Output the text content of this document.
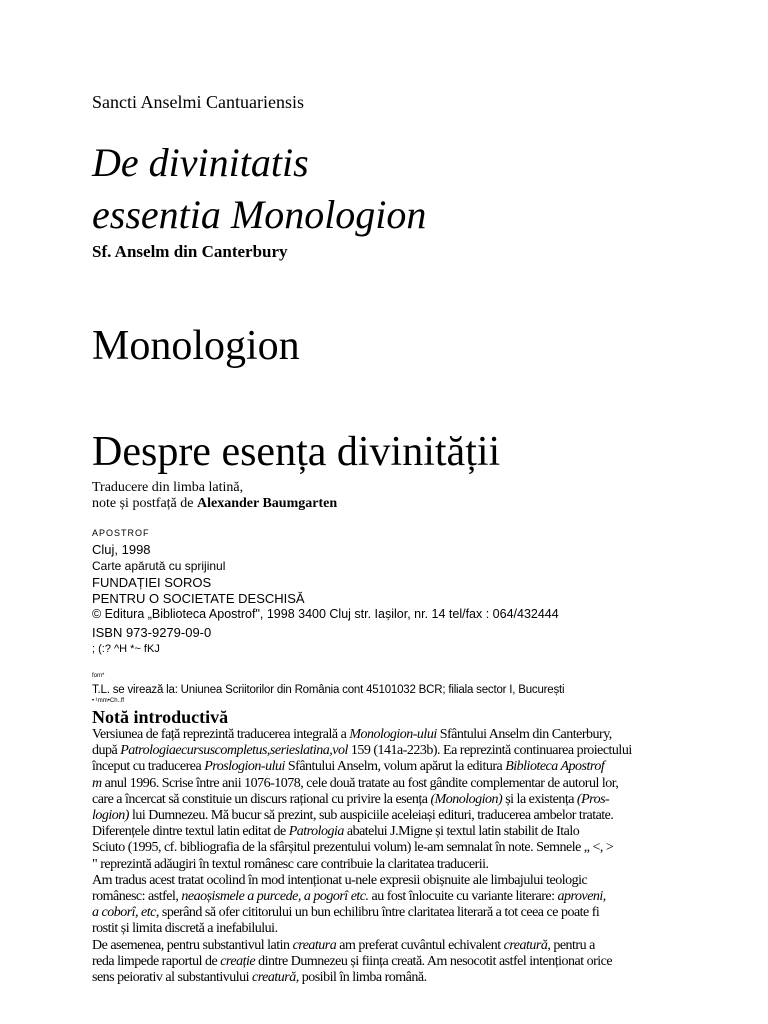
Sancti Anselmi Cantuariensis
De divinitatis
essentia Monologion
Sf. Anselm din Canterbury
Monologion
Despre esența divinității
Traducere din limba latină,
note și postfață de Alexander Baumgarten
APOSTROF
Cluj, 1998
Carte apărută cu sprijinul
FUNDAȚIEI SOROS
PENTRU O SOCIETATE DESCHISĂ
© Editura „Biblioteca Apostrof", 1998 3400 Cluj str. Iașilor, nr. 14 tel/fax : 064/432444
ISBN 973-9279-09-0
; (:? ^H *~ fKJ
fom*
T.L. se virează la: Uniunea Scriitorilor din România cont 45101032 BCR; filiala sector I, București
• ¹mm•Ch..ff
Notă introductivă

Versiunea de față reprezintă traducerea integrală a Monologion-ului Sfântului Anselm din Canterbury,
după Patrologiaecursuscompletus,serieslatina,vol 159 (141a-223b). Ea reprezintă continuarea proiectului
început cu traducerea Proslogion-ului Sfântului Anselm, volum apărut la editura Biblioteca Apostrof
m anul 1996. Scrise între anii 1076-1078, cele două tratate au fost gândite complementar de autorul lor,
care a încercat să constituie un discurs rațional cu privire la esența (Monologion) și la existența (Pros-
logion) lui Dumnezeu. Mă bucur să prezint, sub auspiciile aceleiași edituri, traducerea ambelor tratate.
Diferențele dintre textul latin editat de Patrologia abatelui J.Migne și textul latin stabilit de Italo
Sciuto (1995, cf. bibliografia de la sfârșitul prezentului volum) le-am semnalat în note. Semnele „ <, >
" reprezintă adăugiri în textul românesc care contribuie la claritatea traducerii.
Am tradus acest tratat ocolind în mod intenționat u-nele expresii obișnuite ale limbajului teologic
românesc: astfel, neaoșismele a purcede, a pogorî etc. au fost înlocuite cu variante literare: aproveni,
a coborî, etc, sperând să ofer cititorului un bun echilibru între claritatea literară a tot ceea ce poate fi
rostit și limita discretă a inefabilului.
De asemenea, pentru substantivul latin creatura am preferat cuvântul echivalent creatură, pentru a
reda limpede raportul de creație dintre Dumnezeu și ființa creată. Am nesocotit astfel intenționat orice
sens peiorativ al substantivului creatură, posibil în limba română.
